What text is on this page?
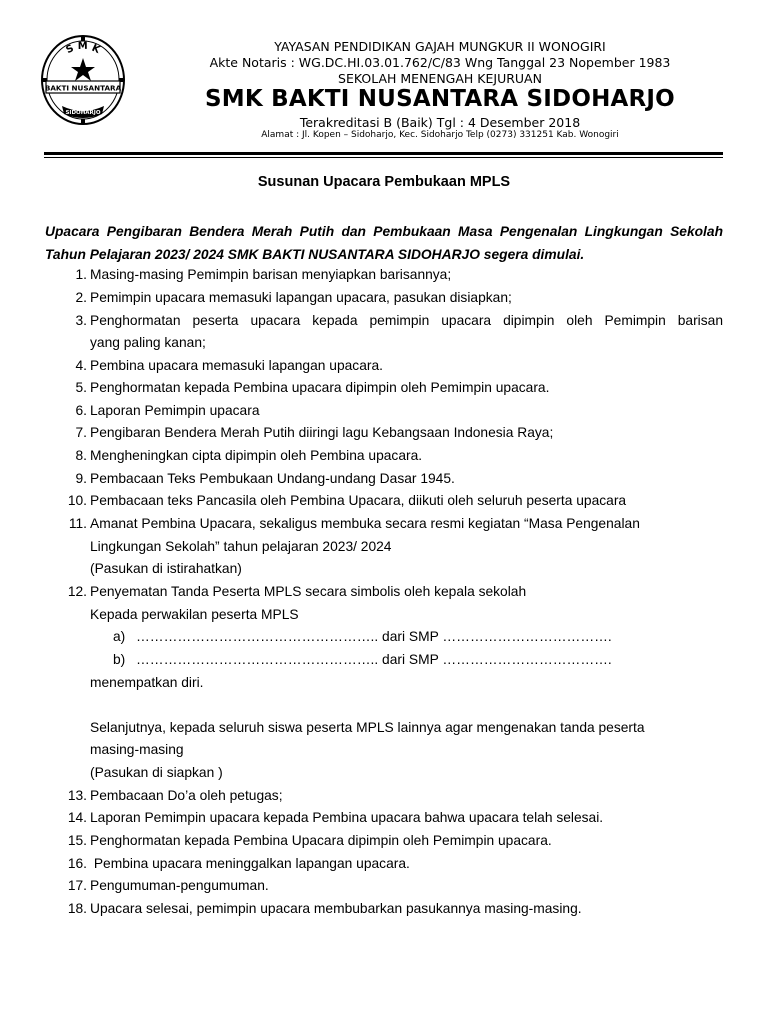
S M K
BAKTI NUSANTARA
SIDOHARJO
YAYASAN PENDIDIKAN GAJAH MUNGKUR II WONOGIRI
Akte Notaris : WG.DC.HI.03.01.762/C/83 Wng Tanggal 23 Nopember 1983
SEKOLAH MENENGAH KEJURUAN
SMK BAKTI NUSANTARA SIDOHARJO
Terakreditasi B (Baik) Tgl : 4 Desember 2018
Alamat : Jl. Kopen – Sidoharjo, Kec. Sidoharjo Telp (0273) 331251 Kab. Wonogiri
Susunan Upacara Pembukaan MPLS

Upacara Pengibaran Bendera Merah Putih dan Pembukaan Masa Pengenalan Lingkungan Sekolah Tahun Pelajaran 2023/ 2024 SMK BAKTI NUSANTARA SIDOHARJO segera dimulai.

1. Masing-masing Pemimpin barisan menyiapkan barisannya;
2. Pemimpin upacara memasuki lapangan upacara, pasukan disiapkan;
3. Penghormatan peserta upacara kepada pemimpin upacara dipimpin oleh Pemimpin barisan
yang paling kanan;
4. Pembina upacara memasuki lapangan upacara.
5. Penghormatan kepada Pembina upacara dipimpin oleh Pemimpin upacara.
6. Laporan Pemimpin upacara
7. Pengibaran Bendera Merah Putih diiringi lagu Kebangsaan Indonesia Raya;
8. Mengheningkan cipta dipimpin oleh Pembina upacara.
9. Pembacaan Teks Pembukaan Undang-undang Dasar 1945.
10. Pembacaan teks Pancasila oleh Pembina Upacara, diikuti oleh seluruh peserta upacara
11. Amanat Pembina Upacara, sekaligus membuka secara resmi kegiatan “Masa Pengenalan
Lingkungan Sekolah” tahun pelajaran 2023/ 2024
(Pasukan di istirahatkan)
12. Penyematan Tanda Peserta MPLS secara simbolis oleh kepala sekolah
Kepada perwakilan peserta MPLS
a) …………………………………………….. dari SMP ……………………………….
b) …………………………………………….. dari SMP ……………………………….
menempatkan diri.
Selanjutnya, kepada seluruh siswa peserta MPLS lainnya agar mengenakan tanda peserta
masing-masing
(Pasukan di siapkan )
13. Pembacaan Do’a oleh petugas;
14. Laporan Pemimpin upacara kepada Pembina upacara bahwa upacara telah selesai.
15. Penghormatan kepada Pembina Upacara dipimpin oleh Pemimpin upacara.
16. Pembina upacara meninggalkan lapangan upacara.
17. Pengumuman-pengumuman.
18. Upacara selesai, pemimpin upacara membubarkan pasukannya masing-masing.
